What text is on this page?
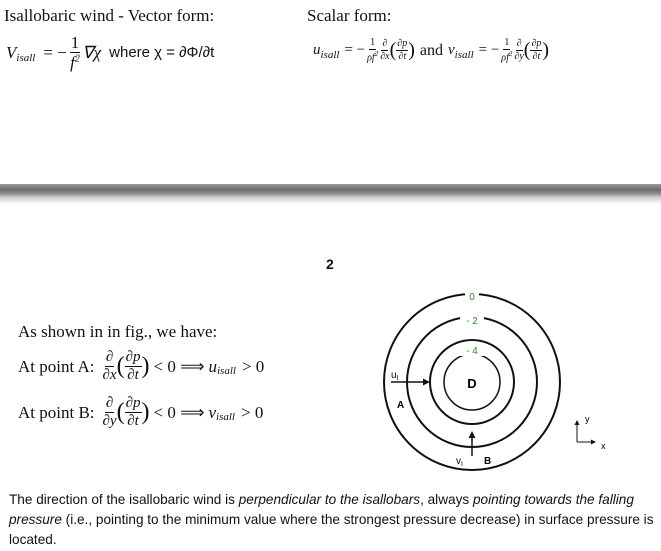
Isallobaric wind - Vector form:	Scalar form:
V isall = − $\frac{1}{f^2} \nabla\chi$ where χ = ∂Φ/∂t	u isall = − $\frac{1}{\rho f^2} \frac{\partial}{\partial x}$ ( $\frac{\partial p}{\partial t}$ ) and v isall = − $\frac{1}{\rho f^2} \frac{\partial}{\partial y}$ ( $\frac{\partial p}{\partial t}$ )
2
As shown in in fig., we have:
At point A: $\frac{\partial}{\partial x}$ ( $\frac{\partial p}{\partial t}$ ) < 0 ⟹ u isall > 0
At point B: $\frac{\partial}{\partial y}$ ( $\frac{\partial p}{\partial t}$ ) < 0 ⟹ v isall > 0
0
- 2
- 4
D
$u_I$
A
$v_I$ B
y
x
The direction of the isallobaric wind is perpendicular to the isallobars, always pointing towards the falling pressure (i.e., pointing to the minimum value where the strongest pressure decrease) in surface pressure is located.
